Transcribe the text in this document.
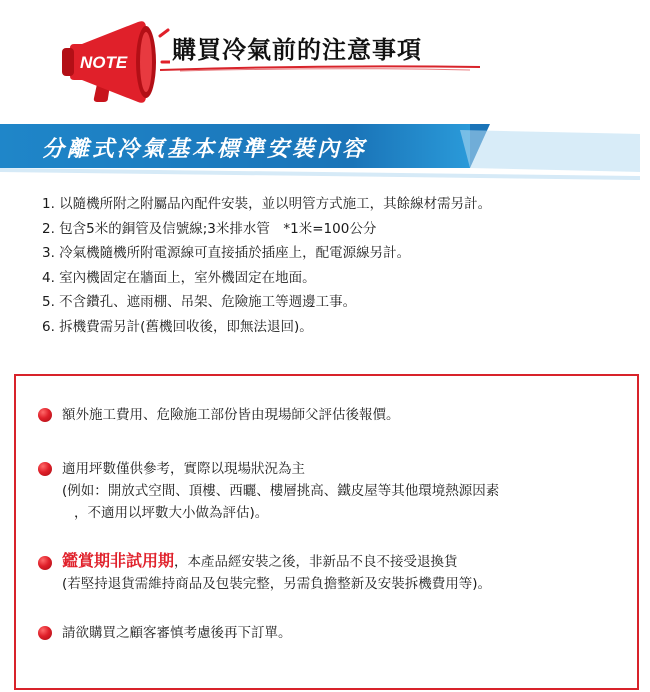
NOTE 購買冷氣前的注意事項
分離式冷氣基本標準安裝內容
1. 以隨機所附之附屬品內配件安裝，並以明管方式施工，其餘線材需另計。
2. 包含5米的銅管及信號線;3米排水管　*1米=100公分
3. 冷氣機隨機所附電源線可直接插於插座上，配電源線另計。
4. 室內機固定在牆面上，室外機固定在地面。
5. 不含鑽孔、遮雨棚、吊架、危險施工等週邊工事。
6. 拆機費需另計(舊機回收後，即無法退回)。
額外施工費用、危險施工部份皆由現場師父評估後報價。
適用坪數僅供參考，實際以現場狀況為主
(例如：開放式空間、頂樓、西曬、樓層挑高、鐵皮屋等其他環境熱源因素
，不適用以坪數大小做為評估)。
鑑賞期非試用期，本產品經安裝之後，非新品不良不接受退換貨
(若堅持退貨需維持商品及包裝完整，另需負擔整新及安裝拆機費用等)。
請欲購買之顧客審慎考慮後再下訂單。
